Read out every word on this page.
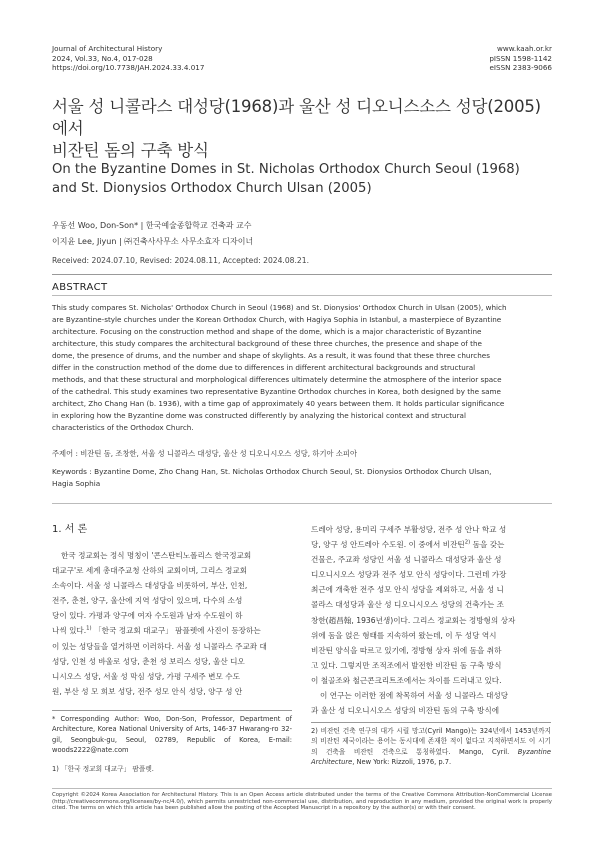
Journal of Architectural History
2024, Vol.33, No.4, 017-028
https://doi.org/10.7738/JAH.2024.33.4.017
www.kaah.or.kr
pISSN 1598-1142
eISSN 2383-9066
서울 성 니콜라스 대성당(1968)과 울산 성 디오니스소스 성당(2005)에서
비잔틴 돔의 구축 방식
On the Byzantine Domes in St. Nicholas Orthodox Church Seoul (1968)
and St. Dionysios Orthodox Church Ulsan (2005)
우동선 Woo, Don-Son* | 한국예술종합학교 건축과 교수
이지윤 Lee, Jiyun | ㈜건축사사무소 사무소효자 디자이너
Received: 2024.07.10, Revised: 2024.08.11, Accepted: 2024.08.21.
ABSTRACT
This study compares St. Nicholas' Orthodox Church in Seoul (1968) and St. Dionysios' Orthodox Church in Ulsan (2005), which
are Byzantine-style churches under the Korean Orthodox Church, with Hagiya Sophia in Istanbul, a masterpiece of Byzantine
architecture. Focusing on the construction method and shape of the dome, which is a major characteristic of Byzantine
architecture, this study compares the architectural background of these three churches, the presence and shape of the
dome, the presence of drums, and the number and shape of skylights. As a result, it was found that these three churches
differ in the construction method of the dome due to differences in different architectural backgrounds and structural
methods, and that these structural and morphological differences ultimately determine the atmosphere of the interior space
of the cathedral. This study examines two representative Byzantine Orthodox churches in Korea, both designed by the same
architect, Zho Chang Han (b. 1936), with a time gap of approximately 40 years between them. It holds particular significance
in exploring how the Byzantine dome was constructed differently by analyzing the historical context and structural
characteristics of the Orthodox Church.
주제어 : 비잔틴 돔, 조창한, 서울 성 니콜라스 대성당, 울산 성 디오니시오스 성당, 하기아 소피아
Keywords : Byzantine Dome, Zho Chang Han, St. Nicholas Orthodox Church Seoul, St. Dionysios Orthodox Church Ulsan,
Hagia Sophia
1. 서 론
한국 정교회는 정식 명칭이 '콘스탄티노폴리스 한국정교회
대교구'로 세계 총대주교청 산하의 교회이며, 그리스 정교회
소속이다. 서울 성 니콜라스 대성당을 비롯하여, 부산, 인천,
전주, 춘천, 양구, 울산에 지역 성당이 있으며, 다수의 소성
당이 있다. 가평과 양구에 여자 수도원과 남자 수도원이 하
나씩 있다.$^{1)}$ 「한국 정교회 대교구」 팜플렛에 사진이 등장하는
이 있는 성당들을 열거하면 이러하다. 서울 성 니콜라스 주교좌 대
성당, 인천 성 바울로 성당, 춘천 성 보리스 성당, 울산 디오
니시오스 성당, 서울 성 막심 성당, 가평 구세주 변모 수도
원, 부산 성 모 희보 성당, 전주 성모 안식 성당, 양구 성 안
드레아 성당, 용미리 구세주 부활성당, 전주 성 안나 학교 성
당, 양구 성 안드레아 수도원. 이 중에서 비잔틴$^{2)}$ 돔을 갖는
건물은, 주교좌 성당인 서울 성 니콜라스 대성당과 울산 성
디오니시오스 성당과 전주 성모 안식 성당이다. 그런데 가장
최근에 개축한 전주 성모 안식 성당을 제외하고, 서울 성 니
콜라스 대성당과 울산 성 디오니시오스 성당의 건축가는 조
창한(趙昌翰, 1936년생)이다. 그리스 정교회는 정방형의 상자
위에 돔을 얹은 형태를 지속하여 왔는데, 이 두 성당 역시
비잔틴 양식을 따르고 있기에, 정방형 상자 위에 돔을 취하
고 있다. 그렇지만 조적조에서 발전한 비잔틴 돔 구축 방식
이 철골조와 철근콘크리트조에서는 차이를 드러내고 있다.
이 연구는 이러한 점에 착목하여 서울 성 니콜라스 대성당
과 울산 성 디오니시오스 성당의 비잔틴 돔의 구축 방식에
* Corresponding Author: Woo, Don-Son, Professor, Department of Architecture, Korea National University of Arts, 146-37 Hwarang-ro 32-gil, Seongbuk-gu, Seoul, 02789, Republic of Korea, E-mail: woods2222@nate.com
1) 「한국 정교회 대교구」 팜플렛.
2) 비잔틴 건축 연구의 대가 시릴 망고(Cyril Mango)는 324년에서 1453년까지의 비잔틴 제국이라는 용어는 동시대에 존재한 적이 없다고 지적하면서도 이 시기의 건축을 비잔틴 건축으로 통칭하였다. Mango, Cyril. Byzantine Architecture, New York: Rizzoli, 1976, p.7.
Copyright ©2024 Korea Association for Architectural History. This is an Open Access article distributed under the terms of the Creative Commons Attribution-NonCommercial License (http://creativecommons.org/licenses/by-nc/4.0/), which permits unrestricted non-commercial use, distribution, and reproduction in any medium, provided the original work is properly cited. The terms on which this article has been published allow the posting of the Accepted Manuscript in a repository by the author(s) or with their consent.
